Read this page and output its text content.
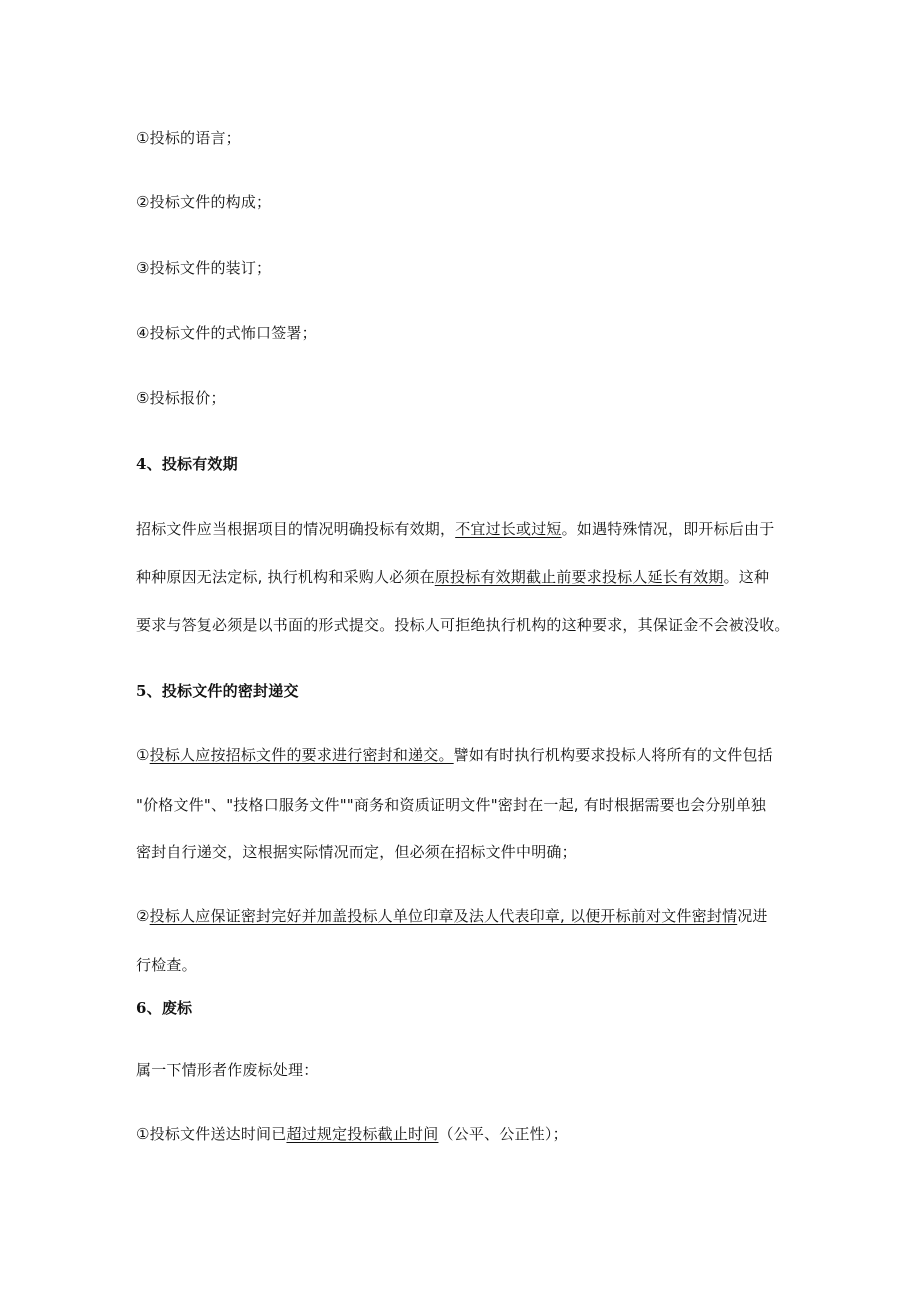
①投标的语言；
②投标文件的构成；
③投标文件的装订；
④投标文件的式怖口签署；
⑤投标报价；
4、投标有效期
招标文件应当根据项目的情况明确投标有效期，不宜过长或过短。如遇特殊情况，即开标后由于
种种原因无法定标, 执行机构和采购人必须在原投标有效期截止前要求投标人延长有效期。这种
要求与答复必须是以书面的形式提交。投标人可拒绝执行机构的这种要求，其保证金不会被没收。
5、投标文件的密封递交
①投标人应按招标文件的要求进行密封和递交。譬如有时执行机构要求投标人将所有的文件包括
"价格文件"、"技格口服务文件""商务和资质证明文件"密封在一起, 有时根据需要也会分别单独
密封自行递交，这根据实际情况而定，但必须在招标文件中明确；
②投标人应保证密封完好并加盖投标人单位印章及法人代表印章, 以便开标前对文件密封情况进
行检查。
6、废标
属一下情形者作废标处理：
①投标文件送达时间已超过规定投标截止时间（公平、公正性）；
